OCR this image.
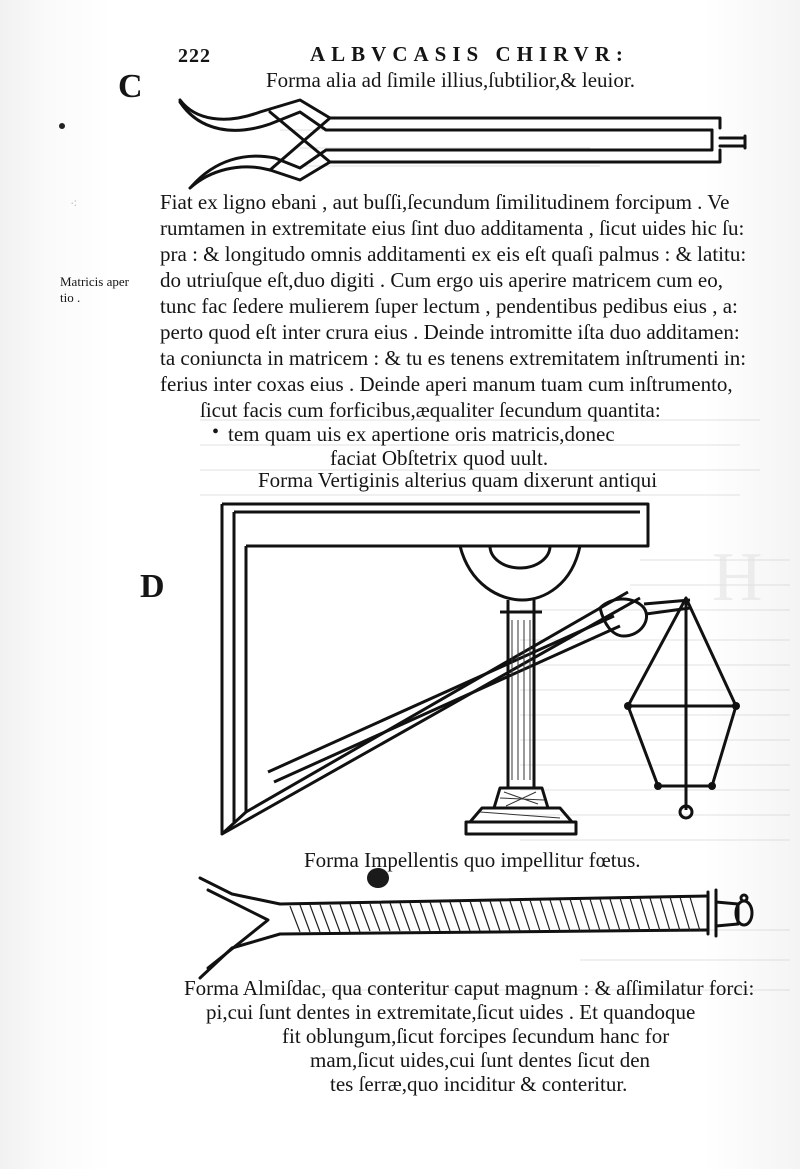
H
222	ALBVCASIS CHIRVR:
C	Forma alia ad ſimile illius,ſubtilior,& leuior.
Matricis aper
tio .
⁖	Fiat ex ligno ebani , aut buſſi,ſecundum ſimilitudinem forcipum . Ve
rumtamen in extremitate eius ſint duo additamenta , ſicut uides hic ſu:
pra : & longitudo omnis additamenti ex eis eſt quaſi palmus : & latitu:
do utriuſque eſt,duo digiti . Cum ergo uis aperire matricem cum eo,
tunc fac ſedere mulierem ſuper lectum , pendentibus pedibus eius , a:
perto quod eſt inter crura eius . Deinde intromitte iſta duo additamen:
ta coniuncta in matricem : & tu es tenens extremitatem inſtrumenti in:
ferius inter coxas eius . Deinde aperi manum tuam cum inſtrumento,
ſicut facis cum forficibus,æqualiter ſecundum quantita:
tem quam uis ex apertione oris matricis,donec
faciat Obſtetrix quod uult.
•
Forma Vertiginis alterius quam dixerunt antiqui
D
Forma Impellentis quo impellitur fœtus.
Forma Almiſdac, qua conteritur caput magnum : & aſſimilatur forci:
pi,cui ſunt dentes in extremitate,ſicut uides . Et quandoque
fit oblungum,ſicut forcipes ſecundum hanc for
mam,ſicut uides,cui ſunt dentes ſicut den
tes ſerræ,quo inciditur & conteritur.
